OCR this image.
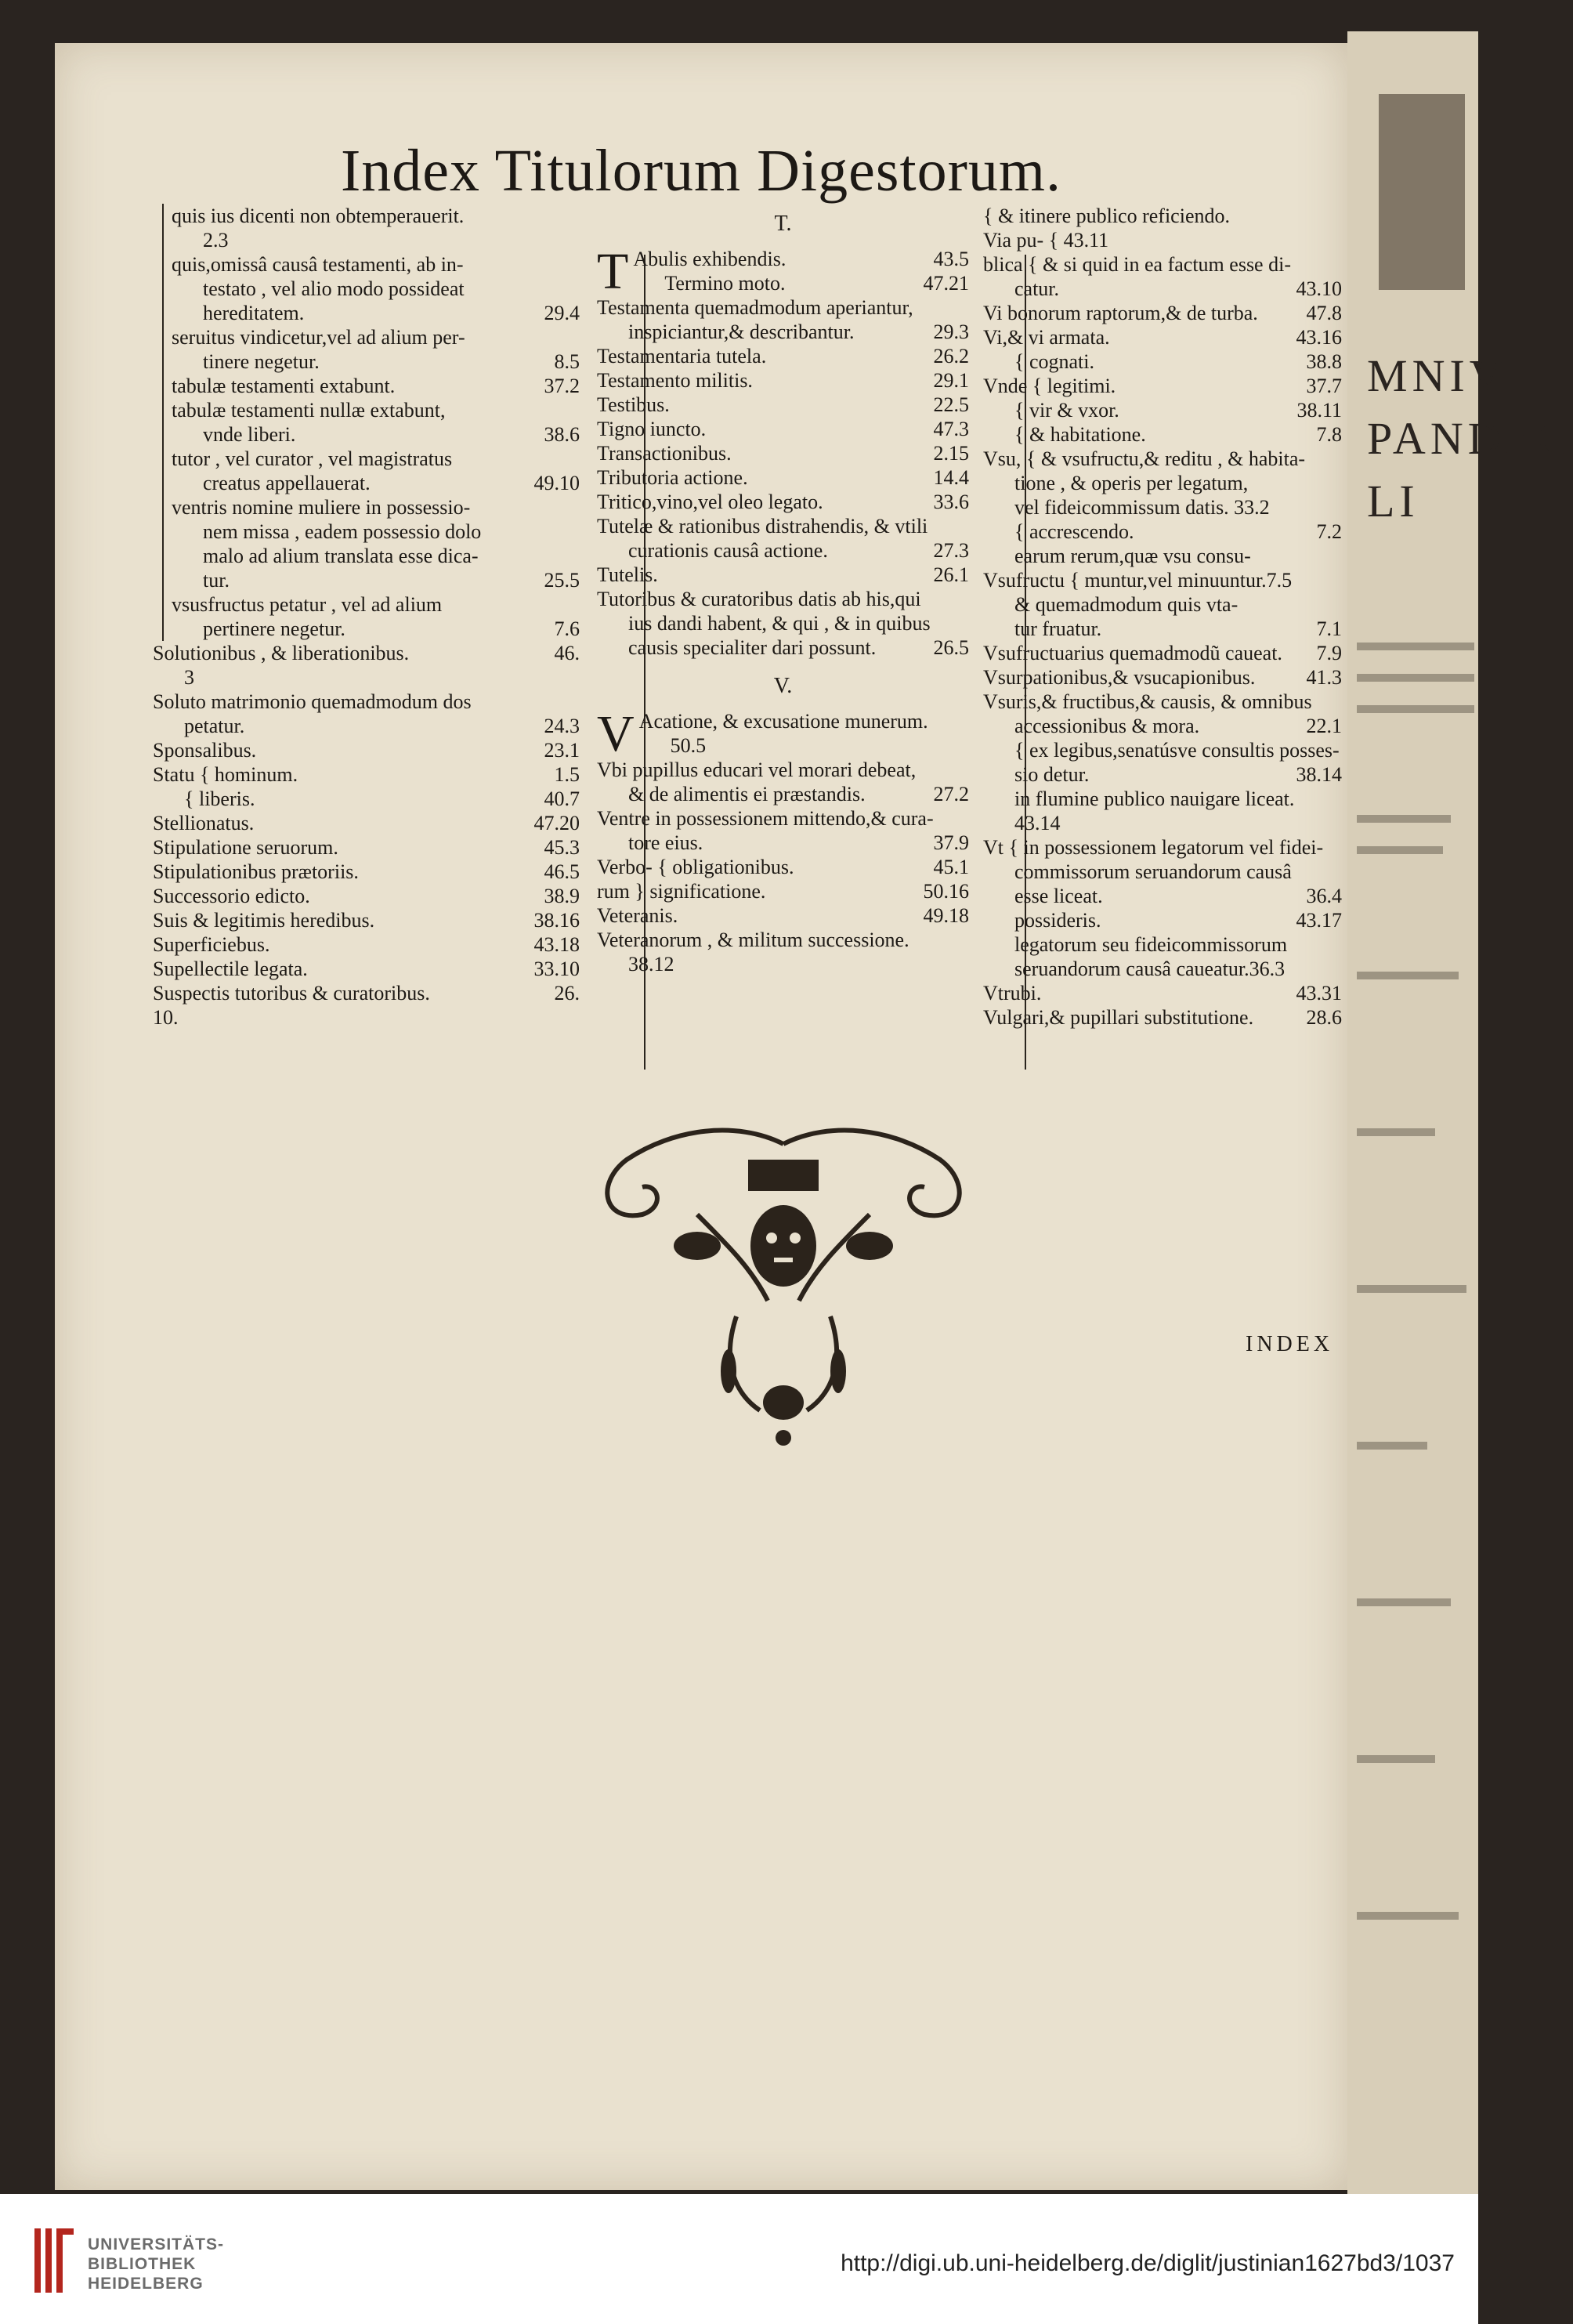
Index Titulorum Digestorum.
quis ius dicenti non obtemperauerit.
2.3
quis,omissâ causâ testamenti, ab in-
testato , vel alio modo possideat
hereditatem.	29.4
seruitus vindicetur,vel ad alium per-
tinere negetur.	8.5
tabulæ testamenti extabunt.	37.2
tabulæ testamenti nullæ extabunt,
vnde liberi.	38.6
tutor , vel curator , vel magistratus
creatus appellauerat.	49.10
ventris nomine muliere in possessio-
nem missa , eadem possessio dolo
malo ad alium translata esse dica-
tur.	25.5
vsusfructus petatur , vel ad alium
pertinere negetur.	7.6
Solutionibus , & liberationibus.	46.
3
Soluto matrimonio quemadmodum dos
petatur.	24.3
Sponsalibus.	23.1
Statu { hominum.	1.5
{ liberis.	40.7
Stellionatus.	47.20
Stipulatione seruorum.	45.3
Stipulationibus prætoriis.	46.5
Successorio edicto.	38.9
Suis & legitimis heredibus.	38.16
Superficiebus.	43.18
Supellectile legata.	33.10
Suspectis tutoribus & curatoribus.	26.
10.
T.
T Abulis exhibendis.	43.5
Termino moto.	47.21
Testamenta quemadmodum aperiantur,
inspiciantur,& describantur.	29.3
Testamentaria tutela.	26.2
Testamento militis.	29.1
Testibus.	22.5
Tigno iuncto.	47.3
Transactionibus.	2.15
Tributoria actione.	14.4
Tritico,vino,vel oleo legato.	33.6
Tutelæ & rationibus distrahendis, & vtili
curationis causâ actione.	27.3
Tutelis.	26.1
Tutoribus & curatoribus datis ab his,qui
ius dandi habent, & qui , & in quibus
causis specialiter dari possunt.	26.5
V.
V Acatione, & excusatione munerum.
50.5
Vbi pupillus educari vel morari debeat,
& de alimentis ei præstandis.	27.2
Ventre in possessionem mittendo,& cura-
tore eius.	37.9
Verbo- { obligationibus.	45.1
rum } significatione.	50.16
Veteranis.	49.18
Veteranorum , & militum successione.
38.12
{ & itinere publico reficiendo.
Via pu- { 43.11
blica { & si quid in ea factum esse di-
catur.	43.10
Vi bonorum raptorum,& de turba.	47.8
Vi,& vi armata.	43.16
{ cognati.	38.8
Vnde { legitimi.	37.7
{ vir & vxor.	38.11
{ & habitatione.	7.8
Vsu, { & vsufructu,& reditu , & habita-
tione , & operis per legatum,
vel fideicommissum datis. 33.2
{ accrescendo.	7.2
earum rerum,quæ vsu consu-
Vsufructu { muntur,vel minuuntur.7.5
& quemadmodum quis vta-
tur fruatur.	7.1
Vsufructuarius quemadmodũ caueat.	7.9
Vsurpationibus,& vsucapionibus.	41.3
Vsuris,& fructibus,& causis, & omnibus
accessionibus & mora.	22.1
{ ex legibus,senatúsve consultis posses-
sio detur.	38.14
in flumine publico nauigare liceat.
43.14
Vt { in possessionem legatorum vel fidei-
commissorum seruandorum causâ
esse liceat.	36.4
possideris.	43.17
legatorum seu fideicommissorum
seruandorum causâ caueatur.36.3
Vtrubi.	43.31
Vulgari,& pupillari substitutione.	28.6
INDEX
MNIV PANDEC LI
UNIVERSITÄTS-
BIBLIOTHEK
HEIDELBERG
http://digi.ub.uni-heidelberg.de/diglit/justinian1627bd3/1037
